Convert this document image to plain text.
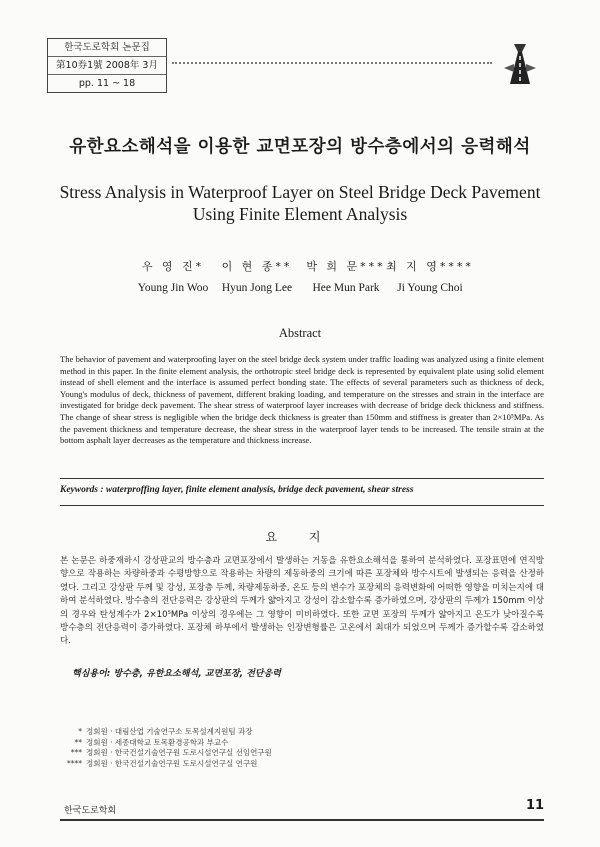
한국도로학회 논문집
第10券1號 2008年 3月
pp. 11 ~ 18
유한요소해석을 이용한 교면포장의 방수층에서의 응력해석
Stress Analysis in Waterproof Layer on Steel Bridge Deck Pavement Using Finite Element Analysis
우 영 진*
Young Jin Woo
이 현 종**
Hyun Jong Lee
박 희 문***
Hee Mun Park
최 지 영****
Ji Young Choi
Abstract
The behavior of pavement and waterproofing layer on the steel bridge deck system under traffic loading was analyzed using a finite element method in this paper. In the finite element analysis, the orthotropic steel bridge deck is represented by equivalent plate using solid element instead of shell element and the interface is assumed perfect bonding state. The effects of several parameters such as thickness of deck, Young's modulus of deck, thickness of pavement, different braking loading, and temperature on the stresses and strain in the interface are investigated for bridge deck pavement. The shear stress of waterproof layer increases with decrease of bridge deck thickness and stiffness. The change of shear stress is negligible when the bridge deck thickness is greater than 150mm and stiffness is greater than 2×10⁵MPa. As the pavement thickness and temperature decrease, the shear stress in the waterproof layer tends to be increased. The tensile strain at the bottom asphalt layer decreases as the temperature and thickness increase.
Keywords : waterproffing layer, finite element analysis, bridge deck pavement, shear stress
요 지
본 논문은 하중재하시 강상판교의 방수층과 교면포장에서 발생하는 거동을 유한요소해석을 통하여 분석하였다. 포장표면에 연직방향으로 작용하는 차량하중과 수평방향으로 작용하는 차량의 제동하중의 크기에 따른 포장체와 방수시트에 발생되는 응력을 산정하였다. 그리고 강상판 두께 및 강성, 포장층 두께, 차량제동하중, 온도 등의 변수가 포장체의 응력변화에 어떠한 영향을 미치는지에 대하여 분석하였다. 방수층의 전단응력은 강상판의 두께가 얇아지고 강성이 감소할수록 증가하였으며, 강상판의 두께가 150mm 이상의 경우와 탄성계수가 2×10⁵MPa 이상의 경우에는 그 영향이 미비하였다. 또한 교면 포장의 두께가 얇아지고 온도가 낮아질수록 방수층의 전단응력이 증가하였다. 포장체 하부에서 발생하는 인장변형률은 고온에서 최대가 되었으며 두께가 증가할수록 감소하였다.
핵심용어: 방수층, 유한요소해석, 교면포장, 전단응력
* 정회원 · 대림산업 기술연구소 토목설계지원팀 과장
** 정회원 · 세종대학교 토목환경공학과 부교수
*** 정회원 · 한국건설기술연구원 도로시설연구실 선임연구원
**** 정회원 · 한국건설기술연구원 도로시설연구실 연구원
한국도로학회	11
